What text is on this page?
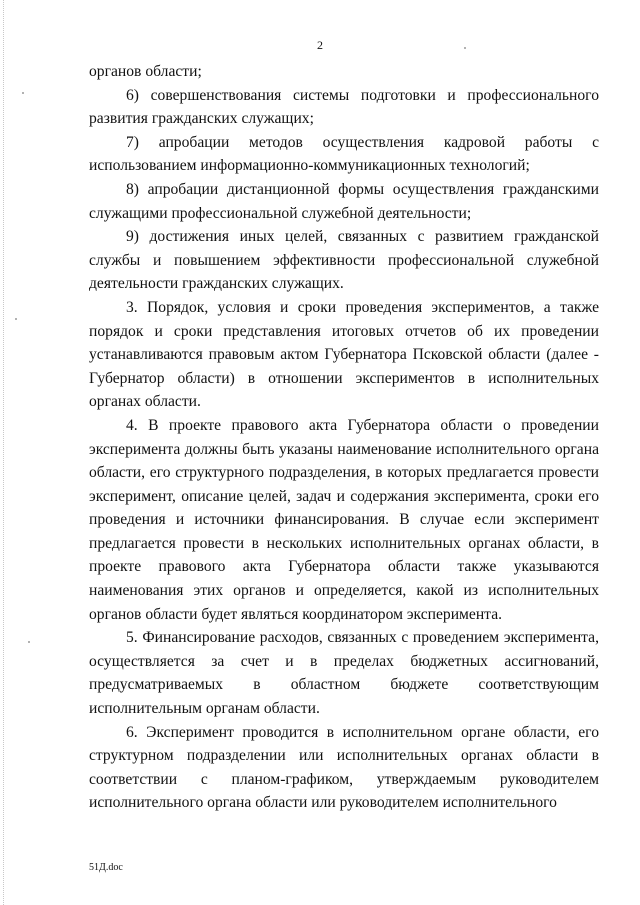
2

органов области;

6) совершенствования системы подготовки и профессионального развития гражданских служащих;

7) апробации методов осуществления кадровой работы с использованием информационно-коммуникационных технологий;

8) апробации дистанционной формы осуществления гражданскими служащими профессиональной служебной деятельности;

9) достижения иных целей, связанных с развитием гражданской службы и повышением эффективности профессиональной служебной деятельности гражданских служащих.

3. Порядок, условия и сроки проведения экспериментов, а также порядок и сроки представления итоговых отчетов об их проведении устанавливаются правовым актом Губернатора Псковской области (далее - Губернатор области) в отношении экспериментов в исполнительных органах области.

4. В проекте правового акта Губернатора области о проведении эксперимента должны быть указаны наименование исполнительного органа области, его структурного подразделения, в которых предлагается провести эксперимент, описание целей, задач и содержания эксперимента, сроки его проведения и источники финансирования. В случае если эксперимент предлагается провести в нескольких исполнительных органах области, в проекте правового акта Губернатора области также указываются наименования этих органов и определяется, какой из исполнительных органов области будет являться координатором эксперимента.

5. Финансирование расходов, связанных с проведением эксперимента, осуществляется за счет и в пределах бюджетных ассигнований, предусматриваемых в областном бюджете соответствующим исполнительным органам области.

6. Эксперимент проводится в исполнительном органе области, его структурном подразделении или исполнительных органах области в соответствии с планом-графиком, утверждаемым руководителем исполнительного органа области или руководителем исполнительного

51Д.doc
